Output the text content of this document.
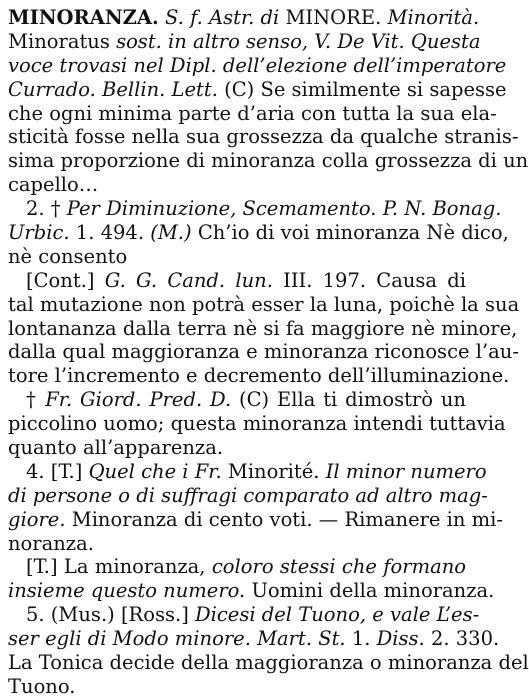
MINORANZA. S. f. Astr. di MINORE. Minorità.
Minoratus sost. in altro senso, V. De Vit. Questa
voce trovasi nel Dipl. dell’elezione dell’imperatore
Currado. Bellin. Lett. (C) Se similmente si sapesse
che ogni minima parte d’aria con tutta la sua ela-
sticità fosse nella sua grossezza da qualche stranis-
sima proporzione di minoranza colla grossezza di un
capello…
2. † Per Diminuzione, Scemamento. P. N. Bonag.
Urbic. 1. 494. (M.) Ch’io di voi minoranza Nè dico,
nè consento
[Cont.] G. G. Cand. lun. III. 197. Causa di
tal mutazione non potrà esser la luna, poichè la sua
lontananza dalla terra nè si fa maggiore nè minore,
dalla qual maggioranza e minoranza riconosce l’au-
tore l’incremento e decremento dell’illuminazione.
† Fr. Giord. Pred. D. (C) Ella ti dimostrò un
piccolino uomo; questa minoranza intendi tuttavia
quanto all’apparenza.
4. [T.] Quel che i Fr. Minorité. Il minor numero
di persone o di suffragi comparato ad altro mag-
giore. Minoranza di cento voti. — Rimanere in mi-
noranza.
[T.] La minoranza, coloro stessi che formano
insieme questo numero. Uomini della minoranza.
5. (Mus.) [Ross.] Dicesi del Tuono, e vale L’es-
ser egli di Modo minore. Mart. St. 1. Diss. 2. 330.
La Tonica decide della maggioranza o minoranza del
Tuono.
